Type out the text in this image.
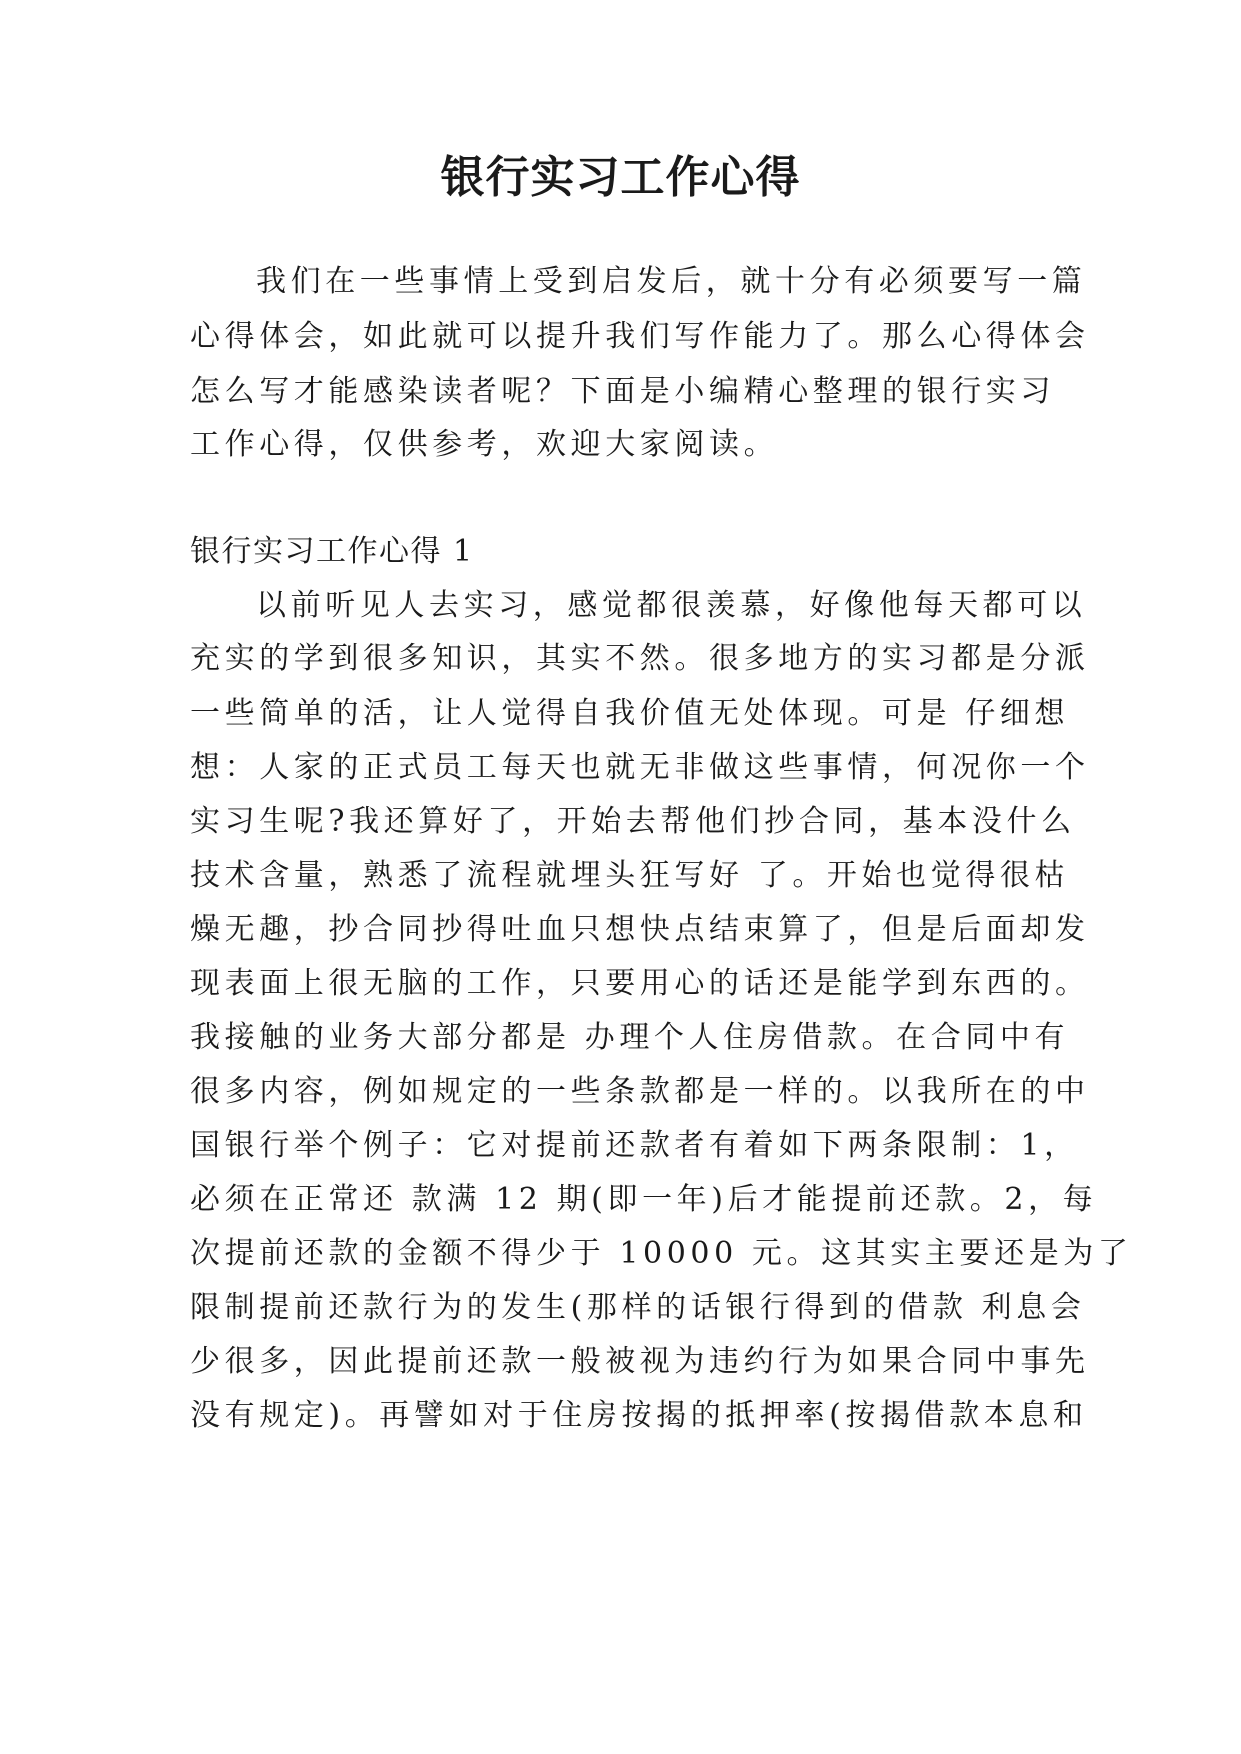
银行实习工作心得

我们在一些事情上受到启发后，就十分有必须要写一篇

心得体会，如此就可以提升我们写作能力了。那么心得体会

怎么写才能感染读者呢？下面是小编精心整理的银行实习

工作心得，仅供参考，欢迎大家阅读。

银行实习工作心得 1

以前听见人去实习，感觉都很羡慕，好像他每天都可以

充实的学到很多知识，其实不然。很多地方的实习都是分派

一些简单的活，让人觉得自我价值无处体现。可是 仔细想

想：人家的正式员工每天也就无非做这些事情，何况你一个

实习生呢?我还算好了，开始去帮他们抄合同，基本没什么

技术含量，熟悉了流程就埋头狂写好 了。开始也觉得很枯

燥无趣，抄合同抄得吐血只想快点结束算了，但是后面却发

现表面上很无脑的工作，只要用心的话还是能学到东西的。

我接触的业务大部分都是 办理个人住房借款。在合同中有

很多内容，例如规定的一些条款都是一样的。以我所在的中

国银行举个例子：它对提前还款者有着如下两条限制：1，

必须在正常还 款满 12 期(即一年)后才能提前还款。2，每

次提前还款的金额不得少于 10000 元。这其实主要还是为了

限制提前还款行为的发生(那样的话银行得到的借款 利息会

少很多，因此提前还款一般被视为违约行为如果合同中事先

没有规定)。再譬如对于住房按揭的抵押率(按揭借款本息和
